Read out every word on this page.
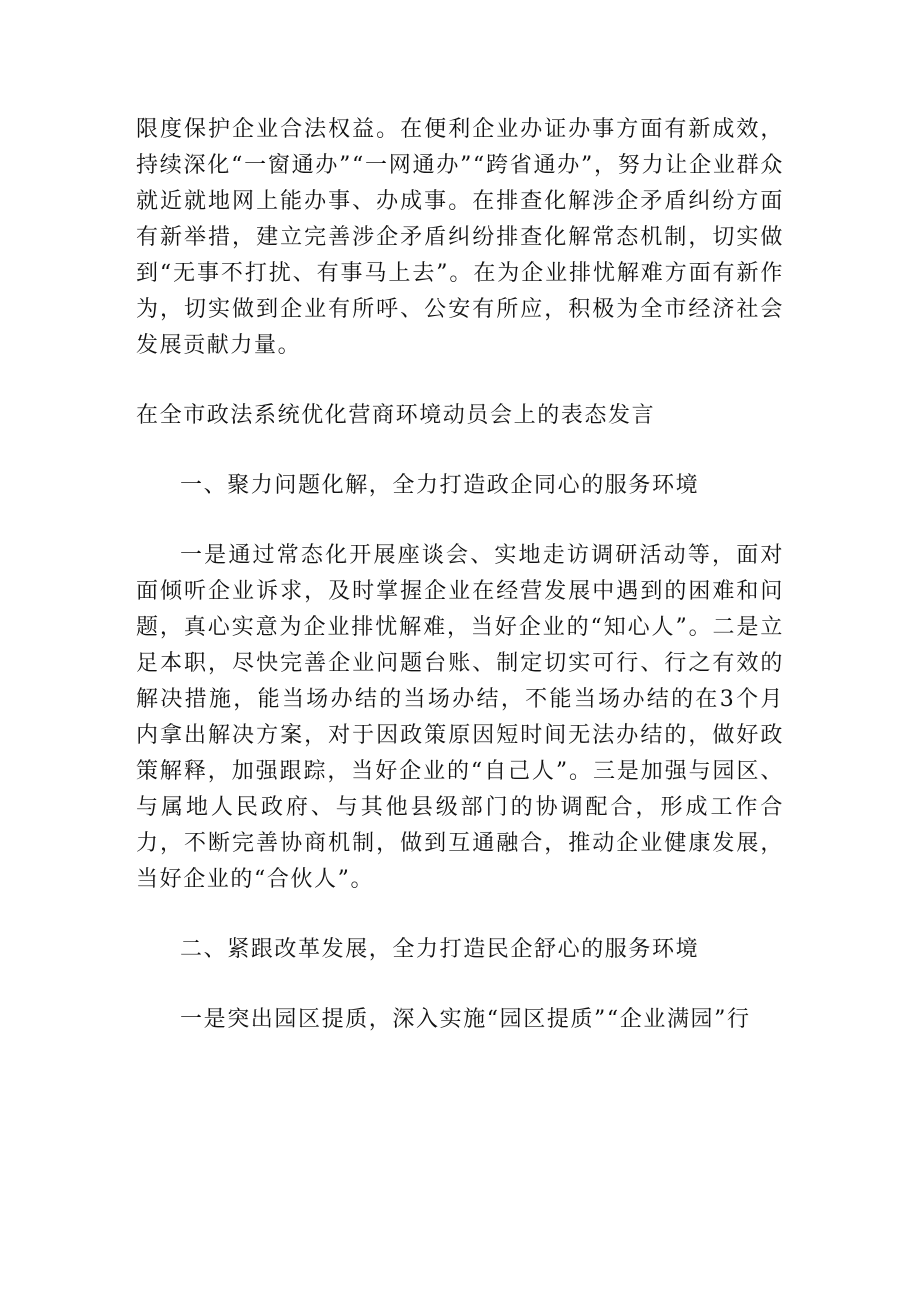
限度保护企业合法权益。在便利企业办证办事方面有新成效，持续深化“一窗通办”“一网通办”“跨省通办”，努力让企业群众就近就地网上能办事、办成事。在排查化解涉企矛盾纠纷方面有新举措，建立完善涉企矛盾纠纷排查化解常态机制，切实做到“无事不打扰、有事马上去”。在为企业排忧解难方面有新作为，切实做到企业有所呼、公安有所应，积极为全市经济社会发展贡献力量。

在全市政法系统优化营商环境动员会上的表态发言

一、聚力问题化解，全力打造政企同心的服务环境

一是通过常态化开展座谈会、实地走访调研活动等，面对面倾听企业诉求，及时掌握企业在经营发展中遇到的困难和问题，真心实意为企业排忧解难，当好企业的“知心人”。二是立足本职，尽快完善企业问题台账、制定切实可行、行之有效的解决措施，能当场办结的当场办结，不能当场办结的在3个月内拿出解决方案，对于因政策原因短时间无法办结的，做好政策解释，加强跟踪，当好企业的“自己人”。三是加强与园区、与属地人民政府、与其他县级部门的协调配合，形成工作合力，不断完善协商机制，做到互通融合，推动企业健康发展，当好企业的“合伙人”。

二、紧跟改革发展，全力打造民企舒心的服务环境

一是突出园区提质，深入实施“园区提质”“企业满园”行
